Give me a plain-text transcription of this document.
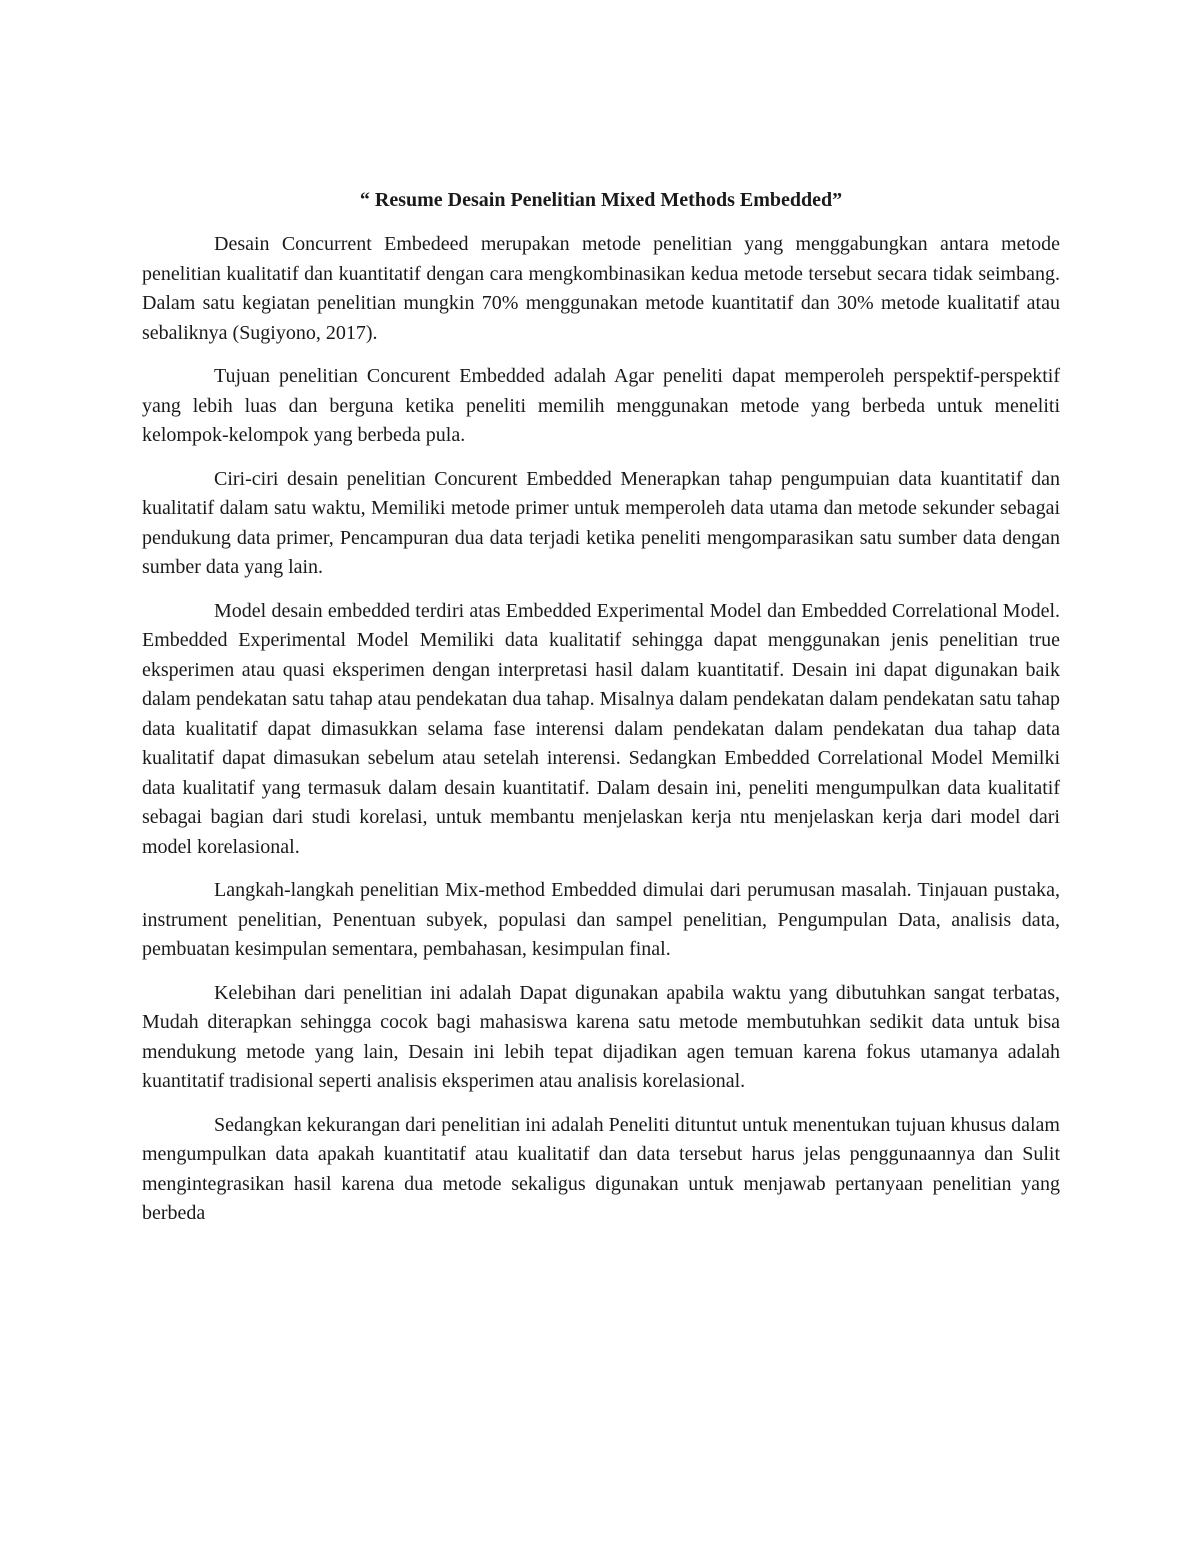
“ Resume Desain Penelitian Mixed Methods Embedded”

Desain Concurrent Embedeed merupakan metode penelitian yang menggabungkan antara metode penelitian kualitatif dan kuantitatif dengan cara mengkombinasikan kedua metode tersebut secara tidak seimbang. Dalam satu kegiatan penelitian mungkin 70% menggunakan metode kuantitatif dan 30% metode kualitatif atau sebaliknya (Sugiyono, 2017).

Tujuan penelitian Concurent Embedded adalah Agar peneliti dapat memperoleh perspektif-perspektif yang lebih luas dan berguna ketika peneliti memilih menggunakan metode yang berbeda untuk meneliti kelompok-kelompok yang berbeda pula.

Ciri-ciri desain penelitian Concurent Embedded Menerapkan tahap pengumpuian data kuantitatif dan kualitatif dalam satu waktu, Memiliki metode primer untuk memperoleh data utama dan metode sekunder sebagai pendukung data primer, Pencampuran dua data terjadi ketika peneliti mengomparasikan satu sumber data dengan sumber data yang lain.

Model desain embedded terdiri atas Embedded Experimental Model dan Embedded Correlational Model. Embedded Experimental Model Memiliki data kualitatif sehingga dapat menggunakan jenis penelitian true eksperimen atau quasi eksperimen dengan interpretasi hasil dalam kuantitatif. Desain ini dapat digunakan baik dalam pendekatan satu tahap atau pendekatan dua tahap. Misalnya dalam pendekatan dalam pendekatan satu tahap data kualitatif dapat dimasukkan selama fase interensi dalam pendekatan dalam pendekatan dua tahap data kualitatif dapat dimasukan sebelum atau setelah interensi. Sedangkan Embedded Correlational Model Memilki data kualitatif yang termasuk dalam desain kuantitatif. Dalam desain ini, peneliti mengumpulkan data kualitatif sebagai bagian dari studi korelasi, untuk membantu menjelaskan kerja ntu menjelaskan kerja dari model dari model korelasional.

Langkah-langkah penelitian Mix-method Embedded dimulai dari perumusan masalah. Tinjauan pustaka, instrument penelitian, Penentuan subyek, populasi dan sampel penelitian, Pengumpulan Data, analisis data, pembuatan kesimpulan sementara, pembahasan, kesimpulan final.

Kelebihan dari penelitian ini adalah Dapat digunakan apabila waktu yang dibutuhkan sangat terbatas, Mudah diterapkan sehingga cocok bagi mahasiswa karena satu metode membutuhkan sedikit data untuk bisa mendukung metode yang lain, Desain ini lebih tepat dijadikan agen temuan karena fokus utamanya adalah kuantitatif tradisional seperti analisis eksperimen atau analisis korelasional.

Sedangkan kekurangan dari penelitian ini adalah Peneliti dituntut untuk menentukan tujuan khusus dalam mengumpulkan data apakah kuantitatif atau kualitatif dan data tersebut harus jelas penggunaannya dan Sulit mengintegrasikan hasil karena dua metode sekaligus digunakan untuk menjawab pertanyaan penelitian yang berbeda
